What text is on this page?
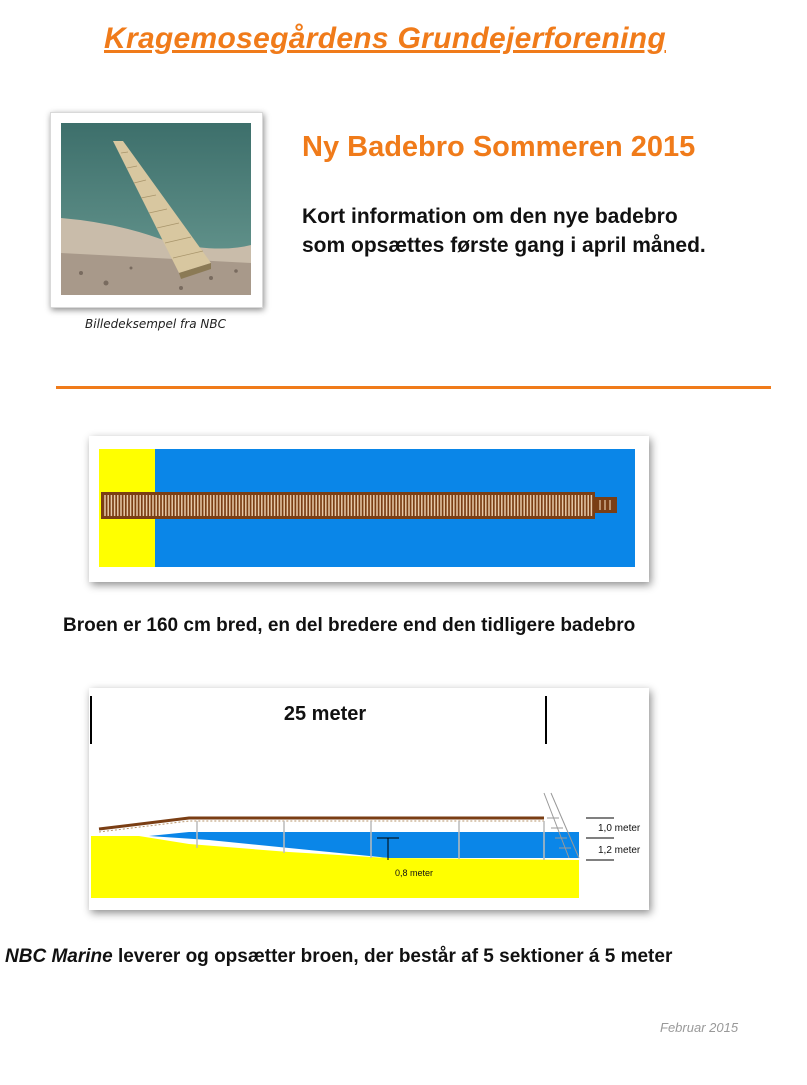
Kragemosegårdens Grundejerforening
Billedeksempel fra NBC
Ny Badebro Sommeren 2015
Kort information om den nye badebro
som opsættes første gang i april måned.
Broen er 160 cm bred, en del bredere end den tidligere badebro
25 meter
1,0 meter
1,2 meter
0,8 meter
NBC Marine leverer og opsætter broen, der består af 5 sektioner á 5 meter
Februar 2015
